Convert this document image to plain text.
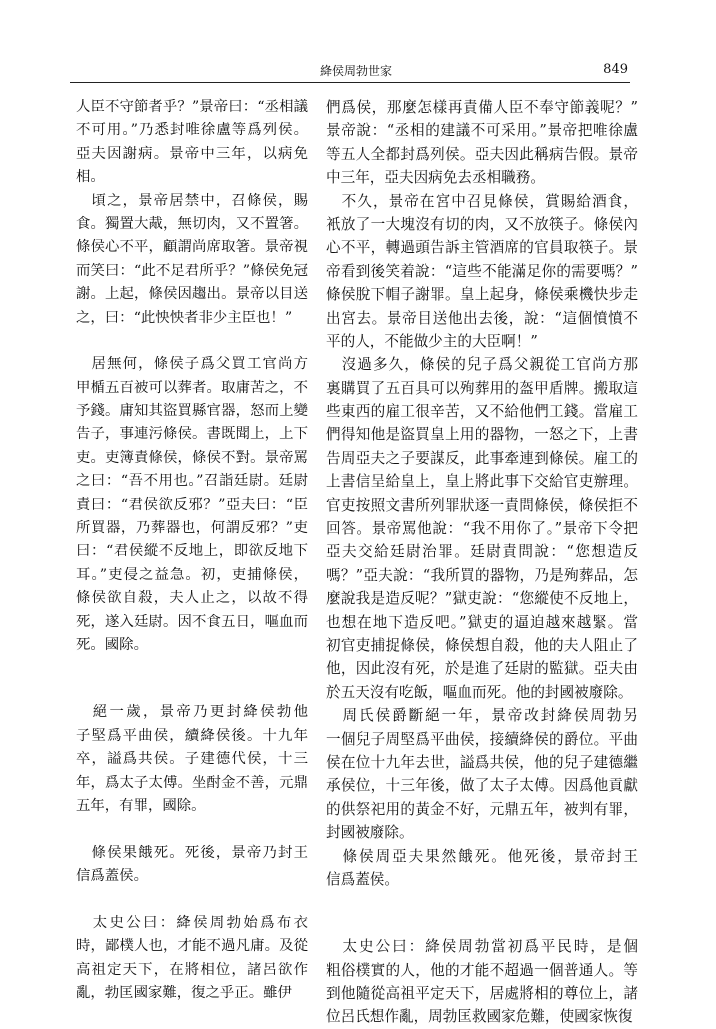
絳侯周勃世家	849
人臣不守節者乎？”景帝曰：“丞相議
不可用。”乃悉封唯徐盧等爲列侯。
亞夫因謝病。景帝中三年，以病免
相。
　頃之，景帝居禁中，召條侯，賜
食。獨置大胾，無切肉，又不置箸。
條侯心不平，顧謂尚席取箸。景帝視
而笑曰：“此不足君所乎？”條侯免冠
謝。上起，條侯因趨出。景帝以目送
之，曰：“此怏怏者非少主臣也！”
　居無何，條侯子爲父買工官尚方
甲楯五百被可以葬者。取庸苦之，不
予錢。庸知其盜買縣官器，怒而上變
告子，事連污條侯。書既聞上，上下
吏。吏簿責條侯，條侯不對。景帝罵
之曰：“吾不用也。”召詣廷尉。廷尉
責曰：“君侯欲反邪？”亞夫曰：“臣
所買器，乃葬器也，何謂反邪？”吏
曰：“君侯縱不反地上，即欲反地下
耳。”吏侵之益急。初，吏捕條侯，
條侯欲自殺，夫人止之，以故不得
死，遂入廷尉。因不食五日，嘔血而
死。國除。
　絕一歲，景帝乃更封絳侯勃他
子堅爲平曲侯，續絳侯後。十九年
卒，謚爲共侯。子建德代侯，十三
年，爲太子太傅。坐酎金不善，元鼎
五年，有罪，國除。
　條侯果餓死。死後，景帝乃封王
信爲蓋侯。
　太史公曰：絳侯周勃始爲布衣
時，鄙樸人也，才能不過凡庸。及從
高祖定天下，在將相位，諸呂欲作
亂，勃匡國家難，復之乎正。雖伊
們爲侯，那麼怎樣再責備人臣不奉守節義呢？”
景帝說：“丞相的建議不可采用。”景帝把唯徐盧
等五人全都封爲列侯。亞夫因此稱病告假。景帝
中三年，亞夫因病免去丞相職務。
　不久，景帝在宮中召見條侯，賞賜給酒食，
衹放了一大塊沒有切的肉，又不放筷子。條侯內
心不平，轉過頭告訴主管酒席的官員取筷子。景
帝看到後笑着說：“這些不能滿足你的需要嗎？”
條侯脫下帽子謝罪。皇上起身，條侯乘機快步走
出宮去。景帝目送他出去後，說：“這個憤憤不
平的人，不能做少主的大臣啊！”
　沒過多久，條侯的兒子爲父親從工官尚方那
裏購買了五百具可以殉葬用的盔甲盾牌。搬取這
些東西的雇工很辛苦，又不給他們工錢。當雇工
們得知他是盜買皇上用的器物，一怒之下，上書
告周亞夫之子要謀反，此事牽連到條侯。雇工的
上書信呈給皇上，皇上將此事下交給官吏辦理。
官吏按照文書所列罪狀逐一責問條侯，條侯拒不
回答。景帝罵他說：“我不用你了。”景帝下令把
亞夫交給廷尉治罪。廷尉責問說：“您想造反
嗎？”亞夫說：“我所買的器物，乃是殉葬品，怎
麼說我是造反呢？”獄吏說：“您縱使不反地上，
也想在地下造反吧。”獄吏的逼迫越來越緊。當
初官吏捕捉條侯，條侯想自殺，他的夫人阻止了
他，因此沒有死，於是進了廷尉的監獄。亞夫由
於五天沒有吃飯，嘔血而死。他的封國被廢除。
　周氏侯爵斷絕一年，景帝改封絳侯周勃另
一個兒子周堅爲平曲侯，接續絳侯的爵位。平曲
侯在位十九年去世，謚爲共侯，他的兒子建德繼
承侯位，十三年後，做了太子太傅。因爲他貢獻
的供祭祀用的黃金不好，元鼎五年，被判有罪，
封國被廢除。
　條侯周亞夫果然餓死。他死後，景帝封王
信爲蓋侯。
　太史公曰：絳侯周勃當初爲平民時，是個
粗俗樸實的人，他的才能不超過一個普通人。等
到他隨從高祖平定天下，居處將相的尊位上，諸
位呂氏想作亂，周勃匡救國家危難，使國家恢復
